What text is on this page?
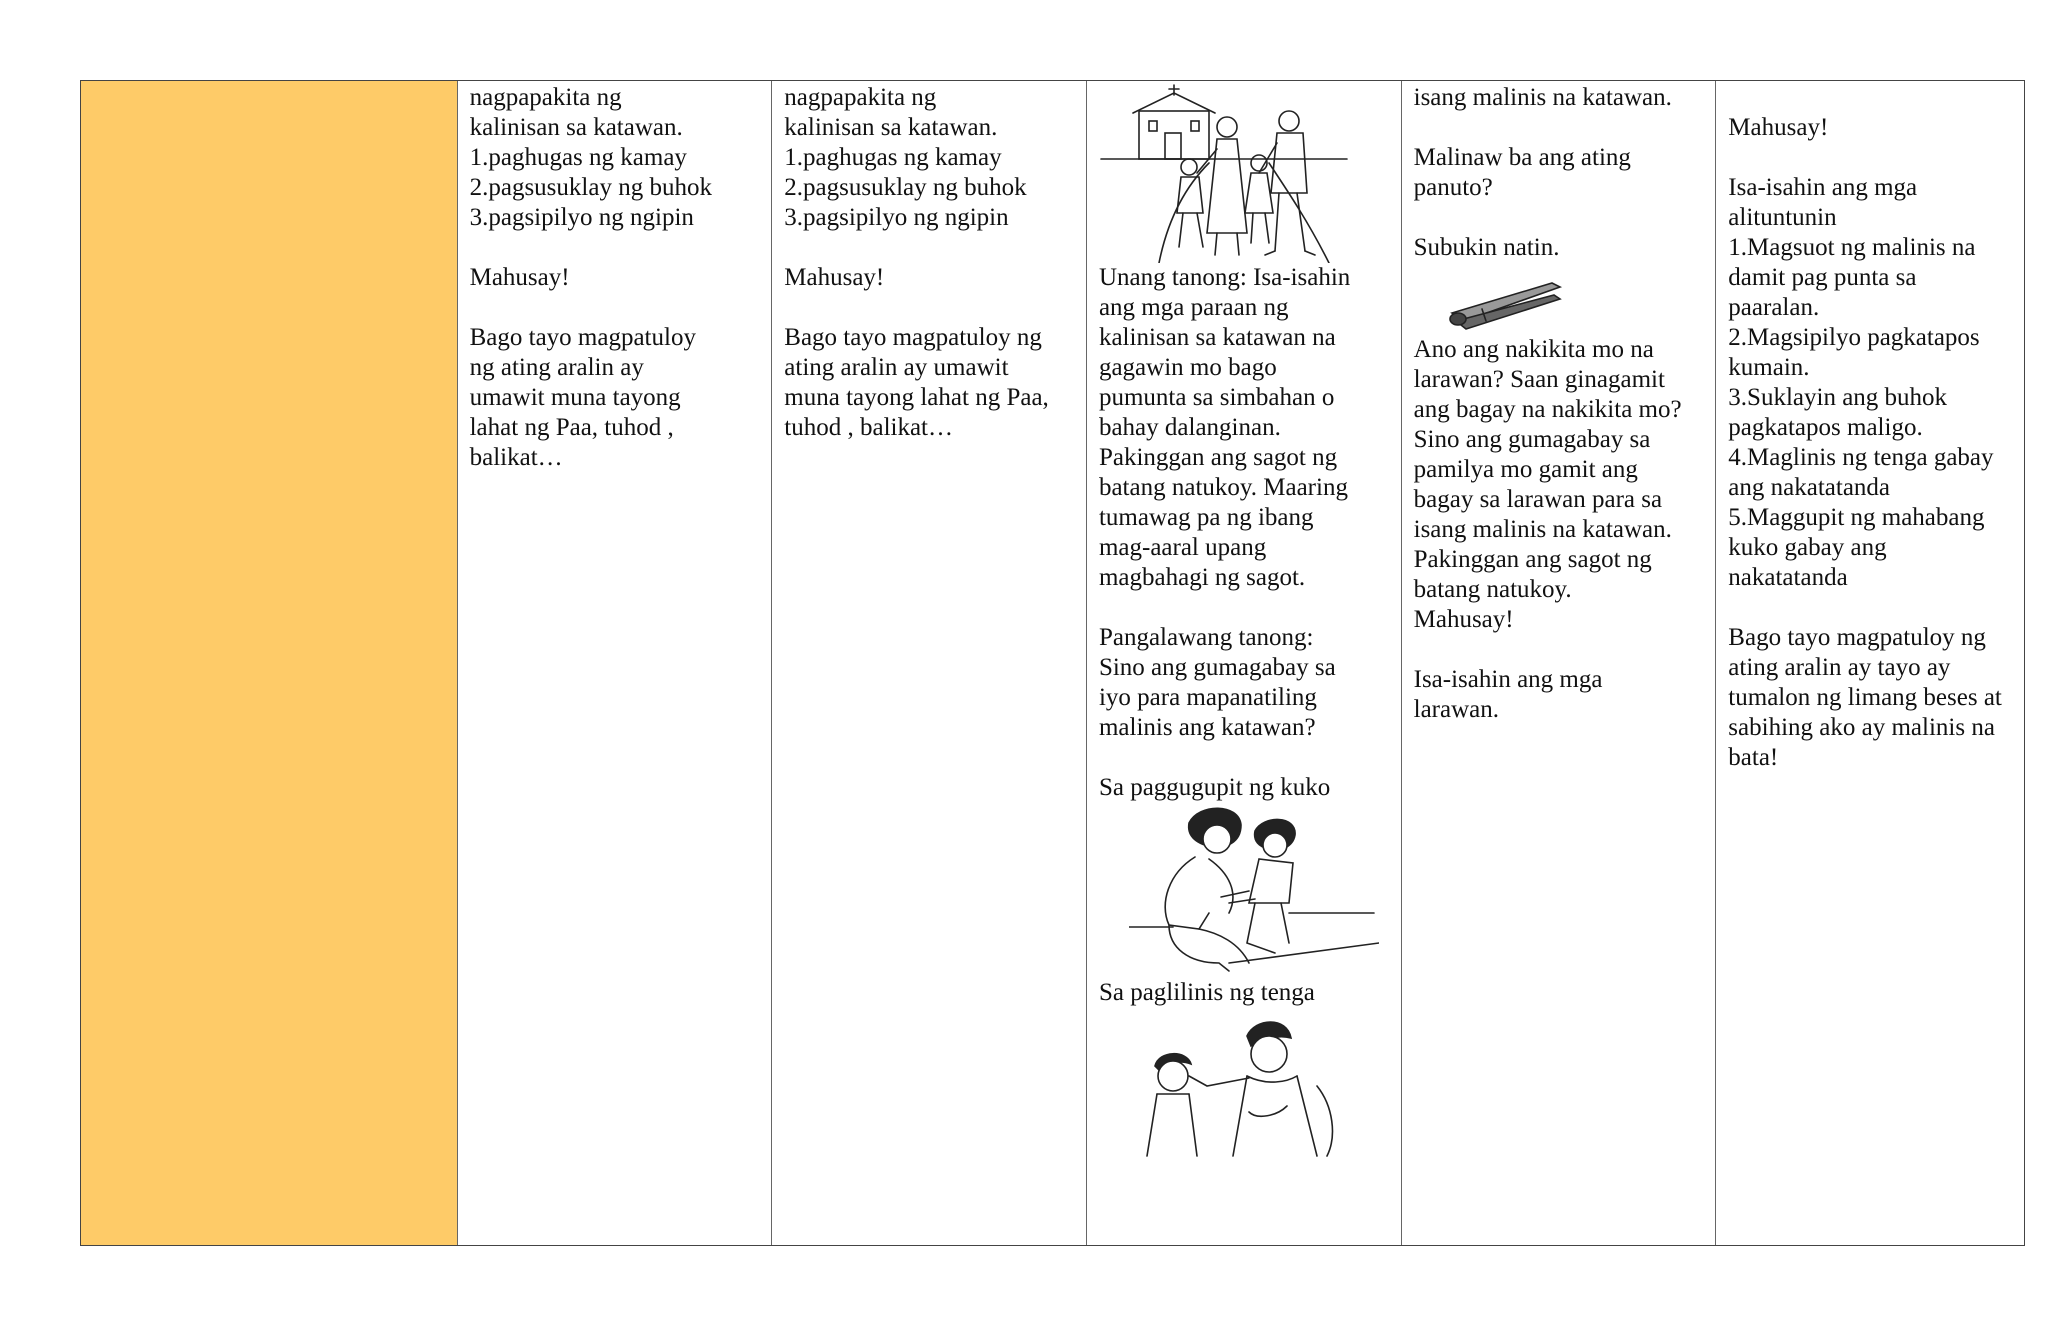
nagpapakita ng
kalinisan sa katawan.
1.paghugas ng kamay
2.pagsusuklay ng buhok
3.pagsipilyo ng ngipin
Mahusay!
Bago tayo magpatuloy
ng ating aralin ay
umawit muna tayong
lahat ng Paa, tuhod ,
balikat…
nagpapakita ng
kalinisan sa katawan.
1.paghugas ng kamay
2.pagsusuklay ng buhok
3.pagsipilyo ng ngipin
Mahusay!
Bago tayo magpatuloy ng
ating aralin ay umawit
muna tayong lahat ng Paa,
tuhod , balikat…
Unang tanong: Isa-isahin
ang mga paraan ng
kalinisan sa katawan na
gagawin mo bago
pumunta sa simbahan o
bahay dalanginan.
Pakinggan ang sagot ng
batang natukoy. Maaring
tumawag pa ng ibang
mag-aaral upang
magbahagi ng sagot.
Pangalawang tanong:
Sino ang gumagabay sa
iyo para mapanatiling
malinis ang katawan?
Sa paggugupit ng kuko
Sa paglilinis ng tenga
isang malinis na katawan.
Malinaw ba ang ating
panuto?
Subukin natin.
Ano ang nakikita mo na
larawan? Saan ginagamit
ang bagay na nakikita mo?
Sino ang gumagabay sa
pamilya mo gamit ang
bagay sa larawan para sa
isang malinis na katawan.
Pakinggan ang sagot ng
batang natukoy.
Mahusay!
Isa-isahin ang mga
larawan.
Mahusay!
Isa-isahin ang mga
alituntunin
1.Magsuot ng malinis na
damit pag punta sa
paaralan.
2.Magsipilyo pagkatapos
kumain.
3.Suklayin ang buhok
pagkatapos maligo.
4.Maglinis ng tenga gabay
ang nakatatanda
5.Maggupit ng mahabang
kuko gabay ang
nakatatanda
Bago tayo magpatuloy ng
ating aralin ay tayo ay
tumalon ng limang beses at
sabihing ako ay malinis na
bata!
